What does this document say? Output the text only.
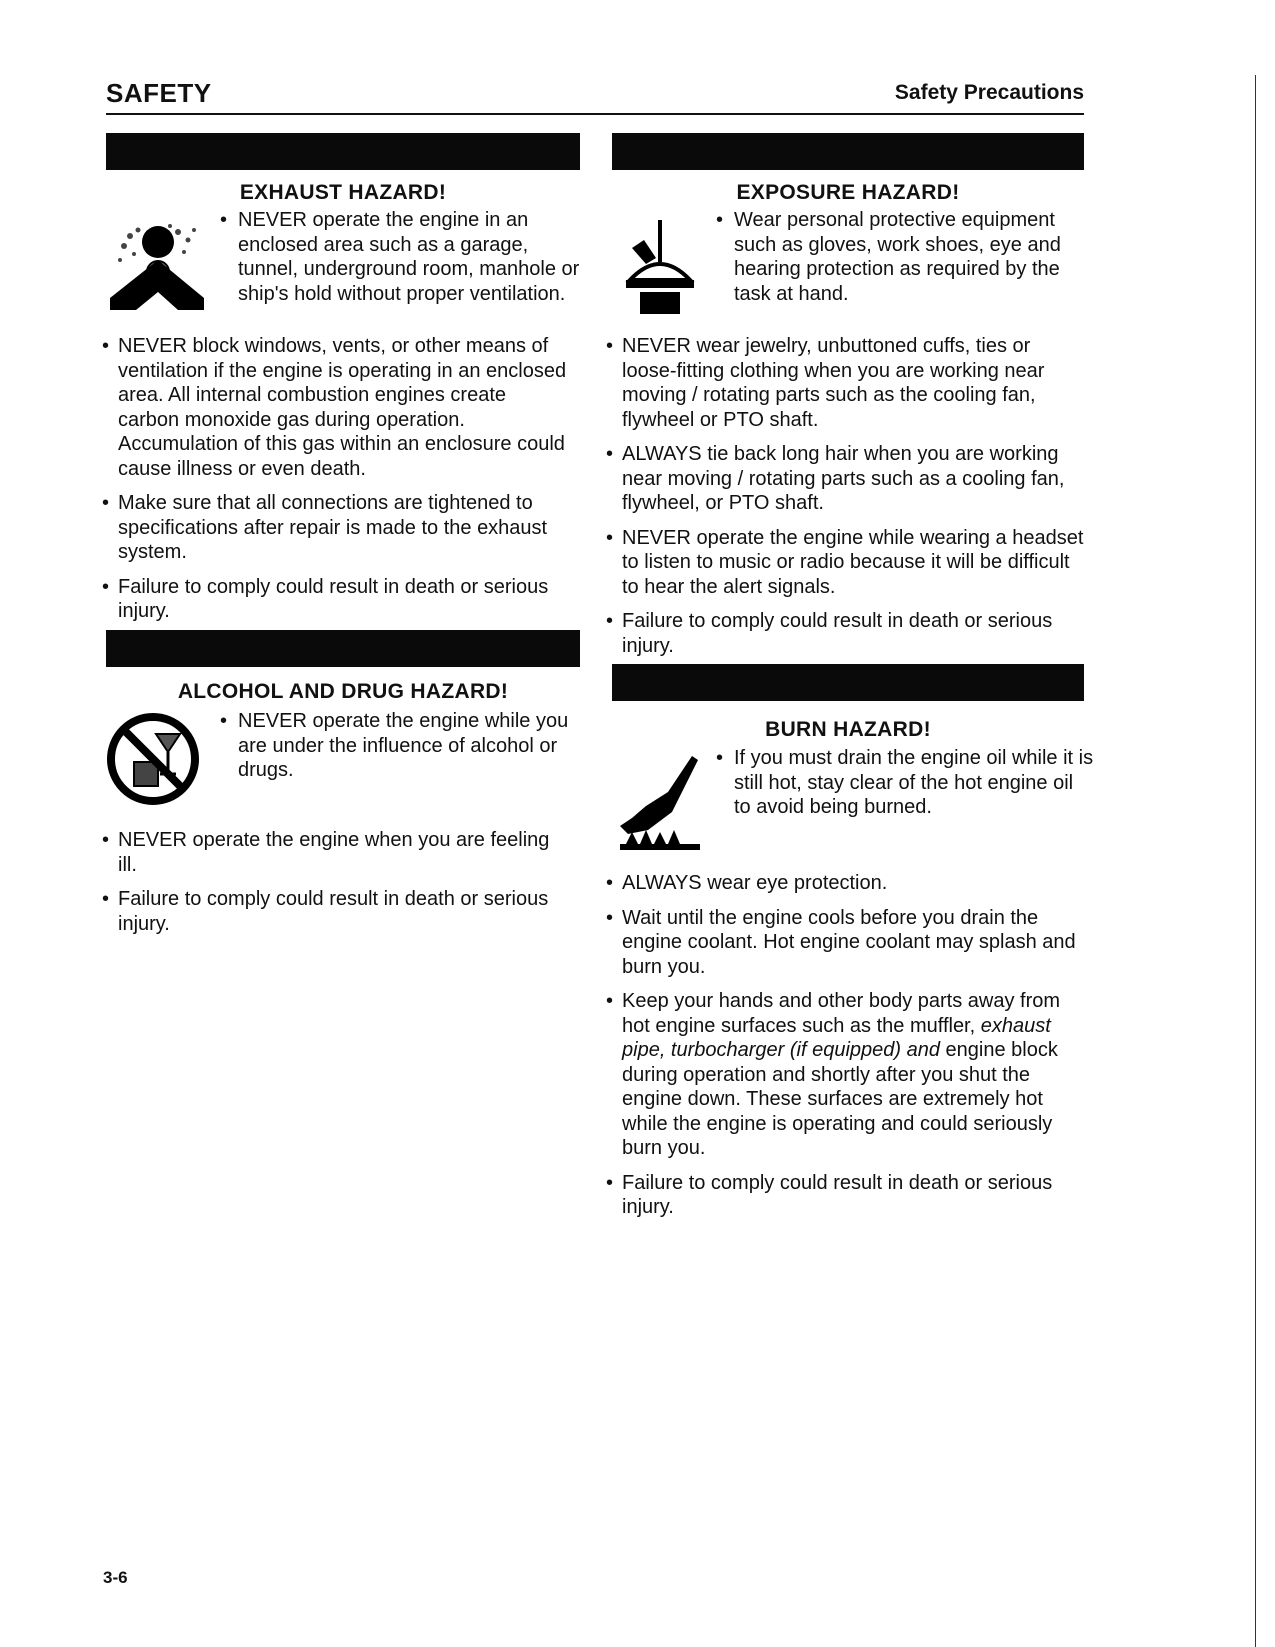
SAFETY	Safety Precautions
EXHAUST HAZARD!
• NEVER operate the engine in an enclosed area such as a garage, tunnel, underground room, manhole or ship's hold without proper ventilation.
• NEVER block windows, vents, or other means of ventilation if the engine is operating in an enclosed area. All internal combustion engines create carbon monoxide gas during operation. Accumulation of this gas within an enclosure could cause illness or even death.
• Make sure that all connections are tightened to specifications after repair is made to the exhaust system.
• Failure to comply could result in death or serious injury.
ALCOHOL AND DRUG HAZARD!
• NEVER operate the engine while you are under the influence of alcohol or drugs.
• NEVER operate the engine when you are feeling ill.
• Failure to comply could result in death or serious injury.
EXPOSURE HAZARD!
• Wear personal protective equipment such as gloves, work shoes, eye and hearing protection as required by the task at hand.
• NEVER wear jewelry, unbuttoned cuffs, ties or loose-fitting clothing when you are working near moving / rotating parts such as the cooling fan, flywheel or PTO shaft.
• ALWAYS tie back long hair when you are working near moving / rotating parts such as a cooling fan, flywheel, or PTO shaft.
• NEVER operate the engine while wearing a headset to listen to music or radio because it will be difficult to hear the alert signals.
• Failure to comply could result in death or serious injury.
BURN HAZARD!
• If you must drain the engine oil while it is still hot, stay clear of the hot engine oil to avoid being burned.
• ALWAYS wear eye protection.
• Wait until the engine cools before you drain the engine coolant. Hot engine coolant may splash and burn you.
• Keep your hands and other body parts away from hot engine surfaces such as the muffler, exhaust pipe, turbocharger (if equipped) and engine block during operation and shortly after you shut the engine down. These surfaces are extremely hot while the engine is operating and could seriously burn you.
• Failure to comply could result in death or serious injury.
3-6
